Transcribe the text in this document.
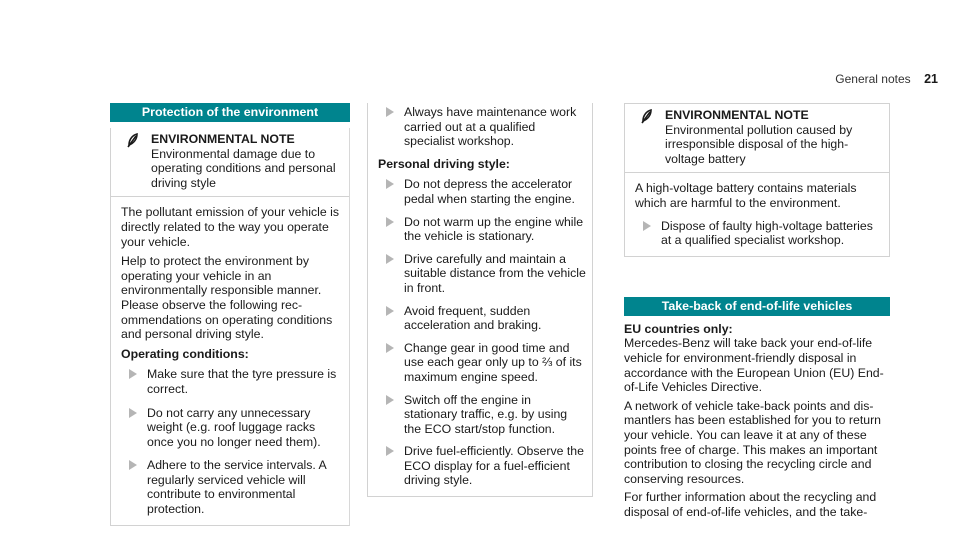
General notes 21
Protection of the environment
ENVIRONMENTAL NOTE Environmental damage due to operating conditions and personal driving style

The pollutant emission of your vehicle is directly related to the way you operate your vehicle.

Help to protect the environment by operating your vehicle in an environmentally responsible manner. Please observe the following recommendations on operating conditions and personal driving style.

Operating conditions:
Make sure that the tyre pressure is correct.
Do not carry any unnecessary weight (e.g. roof luggage racks once you no longer need them).
Adhere to the service intervals. A regularly serviced vehicle will contribute to environmental protection.
Always have maintenance work carried out at a qualified specialist workshop.
Personal driving style:
Do not depress the accelerator pedal when starting the engine.
Do not warm up the engine while the vehicle is stationary.
Drive carefully and maintain a suitable distance from the vehicle in front.
Avoid frequent, sudden acceleration and braking.
Change gear in good time and use each gear only up to ⅔ of its maximum engine speed.
Switch off the engine in stationary traffic, e.g. by using the ECO start/stop function.
Drive fuel-efficiently. Observe the ECO display for a fuel-efficient driving style.
ENVIRONMENTAL NOTE Environmental pollution caused by irresponsible disposal of the high-voltage battery

A high-voltage battery contains materials which are harmful to the environment.

Dispose of faulty high-voltage batteries at a qualified specialist workshop.
Take-back of end-of-life vehicles
EU countries only:

Mercedes-Benz will take back your end-of-life vehicle for environment-friendly disposal in accordance with the European Union (EU) End-of-Life Vehicles Directive.

A network of vehicle take-back points and dismantlers has been established for you to return your vehicle. You can leave it at any of these points free of charge. This makes an important contribution to closing the recycling circle and conserving resources.

For further information about the recycling and disposal of end-of-life vehicles, and the take-
